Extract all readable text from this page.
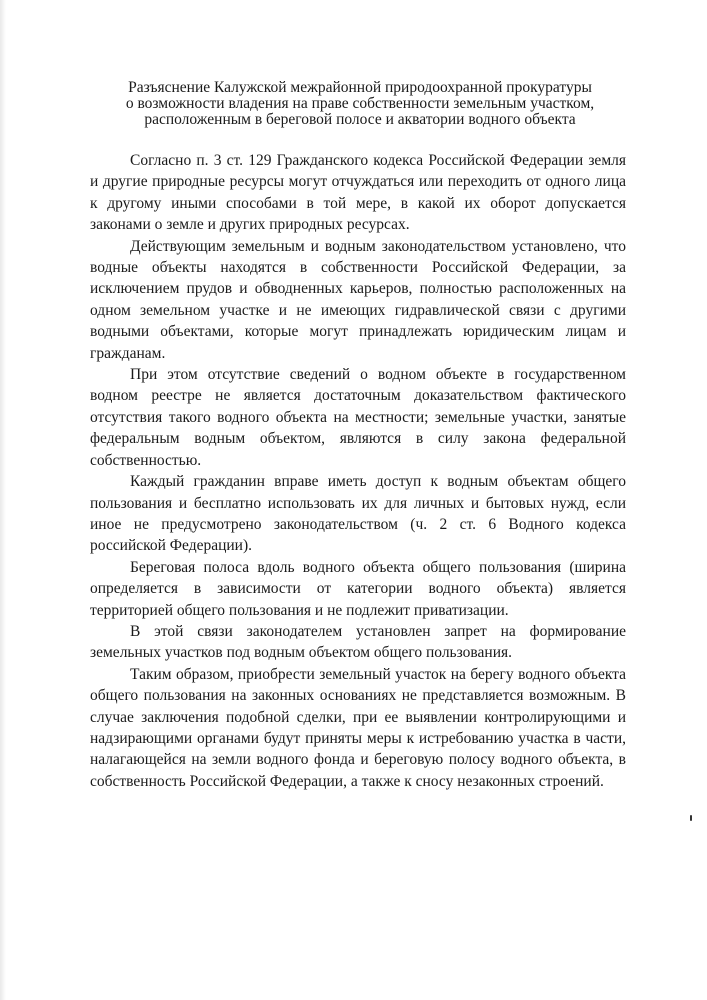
Разъяснение Калужской межрайонной природоохранной прокуратуры
о возможности владения на праве собственности земельным участком,
расположенным в береговой полосе и акватории водного объекта

Согласно п. 3 ст. 129 Гражданского кодекса Российской Федерации земля и другие природные ресурсы могут отчуждаться или переходить от одного лица к другому иными способами в той мере, в какой их оборот допускается законами о земле и других природных ресурсах.

Действующим земельным и водным законодательством установлено, что водные объекты находятся в собственности Российской Федерации, за исключением прудов и обводненных карьеров, полностью расположенных на одном земельном участке и не имеющих гидравлической связи с другими водными объектами, которые могут принадлежать юридическим лицам и гражданам.

При этом отсутствие сведений о водном объекте в государственном водном реестре не является достаточным доказательством фактического отсутствия такого водного объекта на местности; земельные участки, занятые федеральным водным объектом, являются в силу закона федеральной собственностью.

Каждый гражданин вправе иметь доступ к водным объектам общего пользования и бесплатно использовать их для личных и бытовых нужд, если иное не предусмотрено законодательством (ч. 2 ст. 6 Водного кодекса российской Федерации).

Береговая полоса вдоль водного объекта общего пользования (ширина определяется в зависимости от категории водного объекта) является территорией общего пользования и не подлежит приватизации.

В этой связи законодателем установлен запрет на формирование земельных участков под водным объектом общего пользования.

Таким образом, приобрести земельный участок на берегу водного объекта общего пользования на законных основаниях не представляется возможным. В случае заключения подобной сделки, при ее выявлении контролирующими и надзирающими органами будут приняты меры к истребованию участка в части, налагающейся на земли водного фонда и береговую полосу водного объекта, в собственность Российской Федерации, а также к сносу незаконных строений.
